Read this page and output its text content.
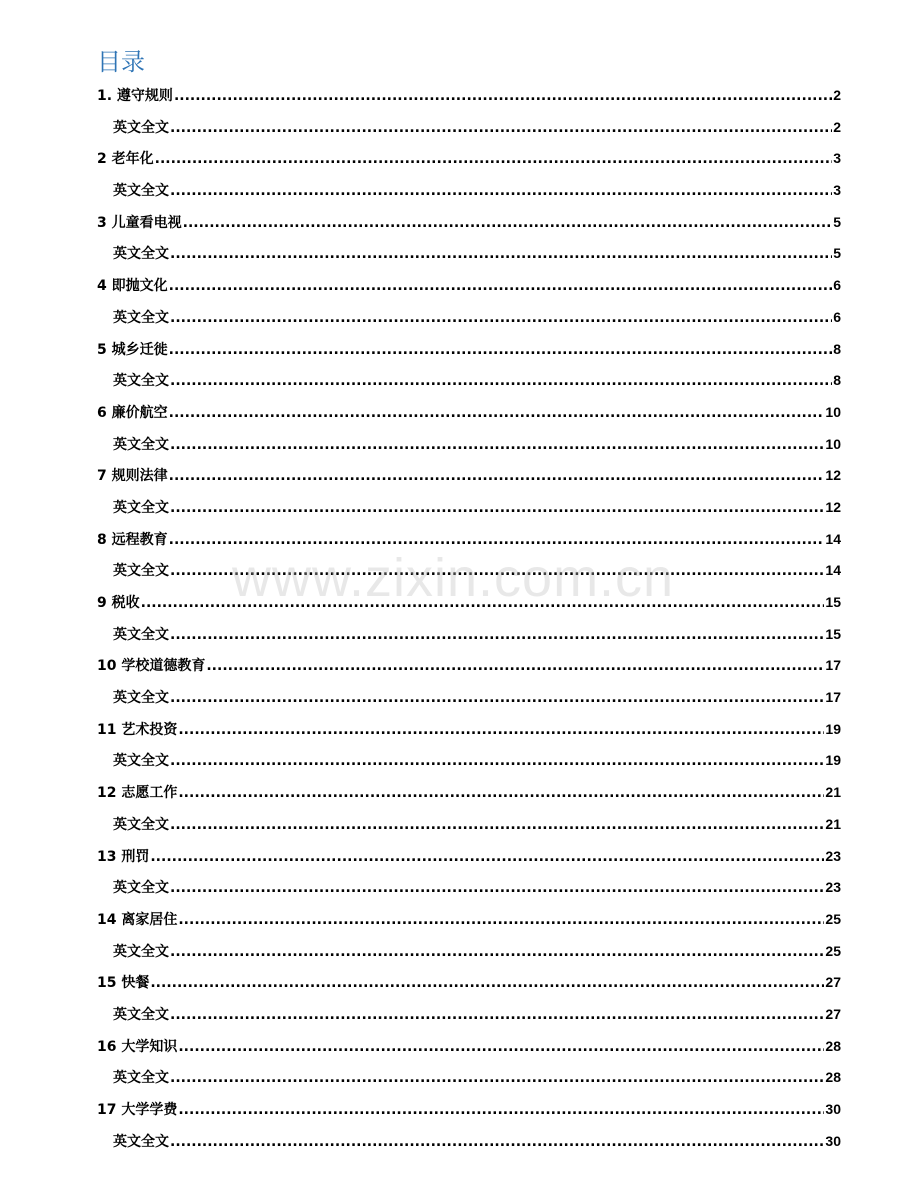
目录
1. 遵守规则 .....	2
英文全文 .....	2
2 老年化 .....	3
英文全文 .....	3
3 儿童看电视 .....	5
英文全文 .....	5
4 即抛文化 .....	6
英文全文 .....	6
5 城乡迁徙 .....	8
英文全文 .....	8
6 廉价航空 .....	10
英文全文 .....	10
7 规则法律 .....	12
英文全文 .....	12
8 远程教育 .....	14
英文全文 .....	14
9 税收 .....	15
英文全文 .....	15
10 学校道德教育 .....	17
英文全文 .....	17
11 艺术投资 .....	19
英文全文 .....	19
12 志愿工作 .....	21
英文全文 .....	21
13 刑罚 .....	23
英文全文 .....	23
14 离家居住 .....	25
英文全文 .....	25
15 快餐 .....	27
英文全文 .....	27
16 大学知识 .....	28
英文全文 .....	28
17 大学学费 .....	30
英文全文 .....	30
www.zixin.com.cn
